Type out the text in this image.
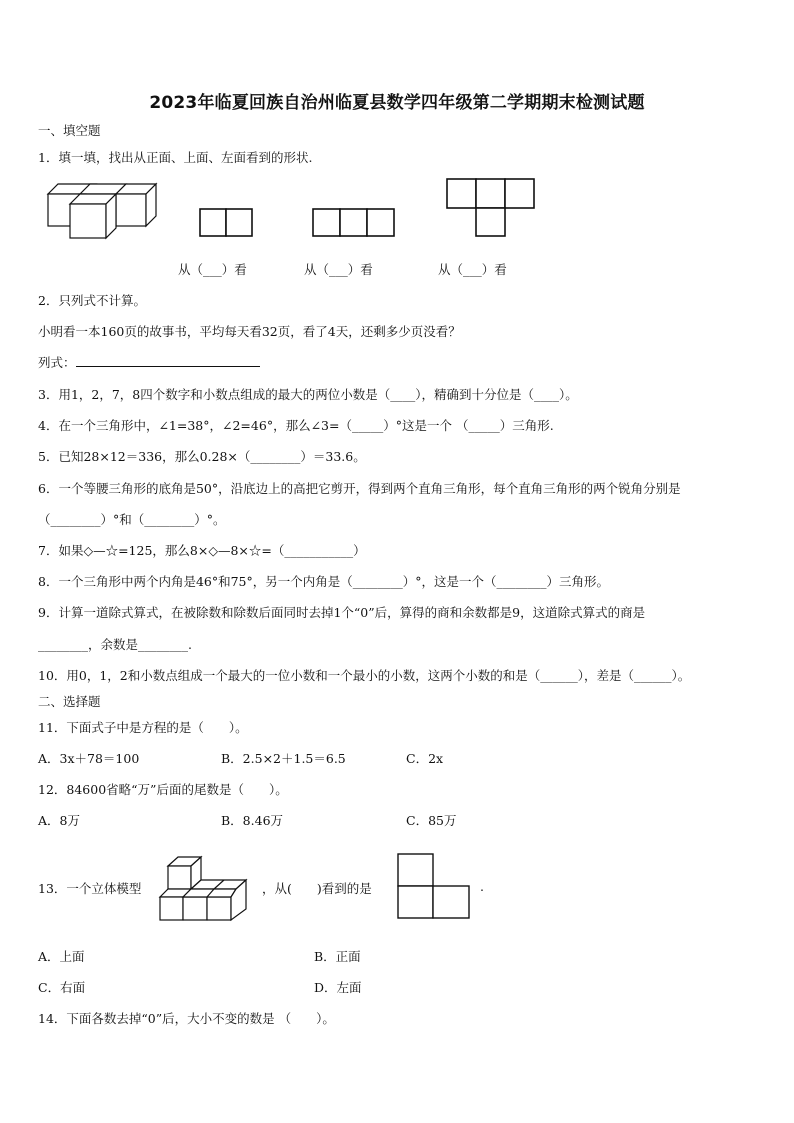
2023年临夏回族自治州临夏县数学四年级第二学期期末检测试题
一、填空题
1．填一填，找出从正面、上面、左面看到的形状.
从（___）看	从（___）看	从（___）看
2．只列式不计算。
小明看一本160页的故事书，平均每天看32页，看了4天，还剩多少页没看？
列式：
3．用1，2，7，8四个数字和小数点组成的最大的两位小数是（____），精确到十分位是（____）。
4．在一个三角形中，∠1=38°，∠2=46°，那么∠3=（_____）°这是一个 （_____）三角形.
5．已知28×12＝336，那么0.28×（________）＝33.6。
6．一个等腰三角形的底角是50°，沿底边上的高把它剪开，得到两个直角三角形，每个直角三角形的两个锐角分别是
（________）°和（________）°。
7．如果◇—☆=125，那么8×◇—8×☆=（___________）
8．一个三角形中两个内角是46°和75°，另一个内角是（________）°，这是一个（________）三角形。
9．计算一道除式算式，在被除数和除数后面同时去掉1个“0”后，算得的商和余数都是9，这道除式算式的商是
________，余数是________.
10．用0，1，2和小数点组成一个最大的一位小数和一个最小的小数，这两个小数的和是（______），差是（______）。
二、选择题
11．下面式子中是方程的是（　　）。
A．3x＋78＝100	B．2.5×2＋1.5＝6.5	C．2x
12．84600省略“万”后面的尾数是（　　）。
A．8万	B．8.46万	C．85万
13．一个立体模型	，从(　　)看到的是	.
A．上面	B．正面
C．右面	D．左面
14．下面各数去掉“0”后，大小不变的数是 （　　）。
